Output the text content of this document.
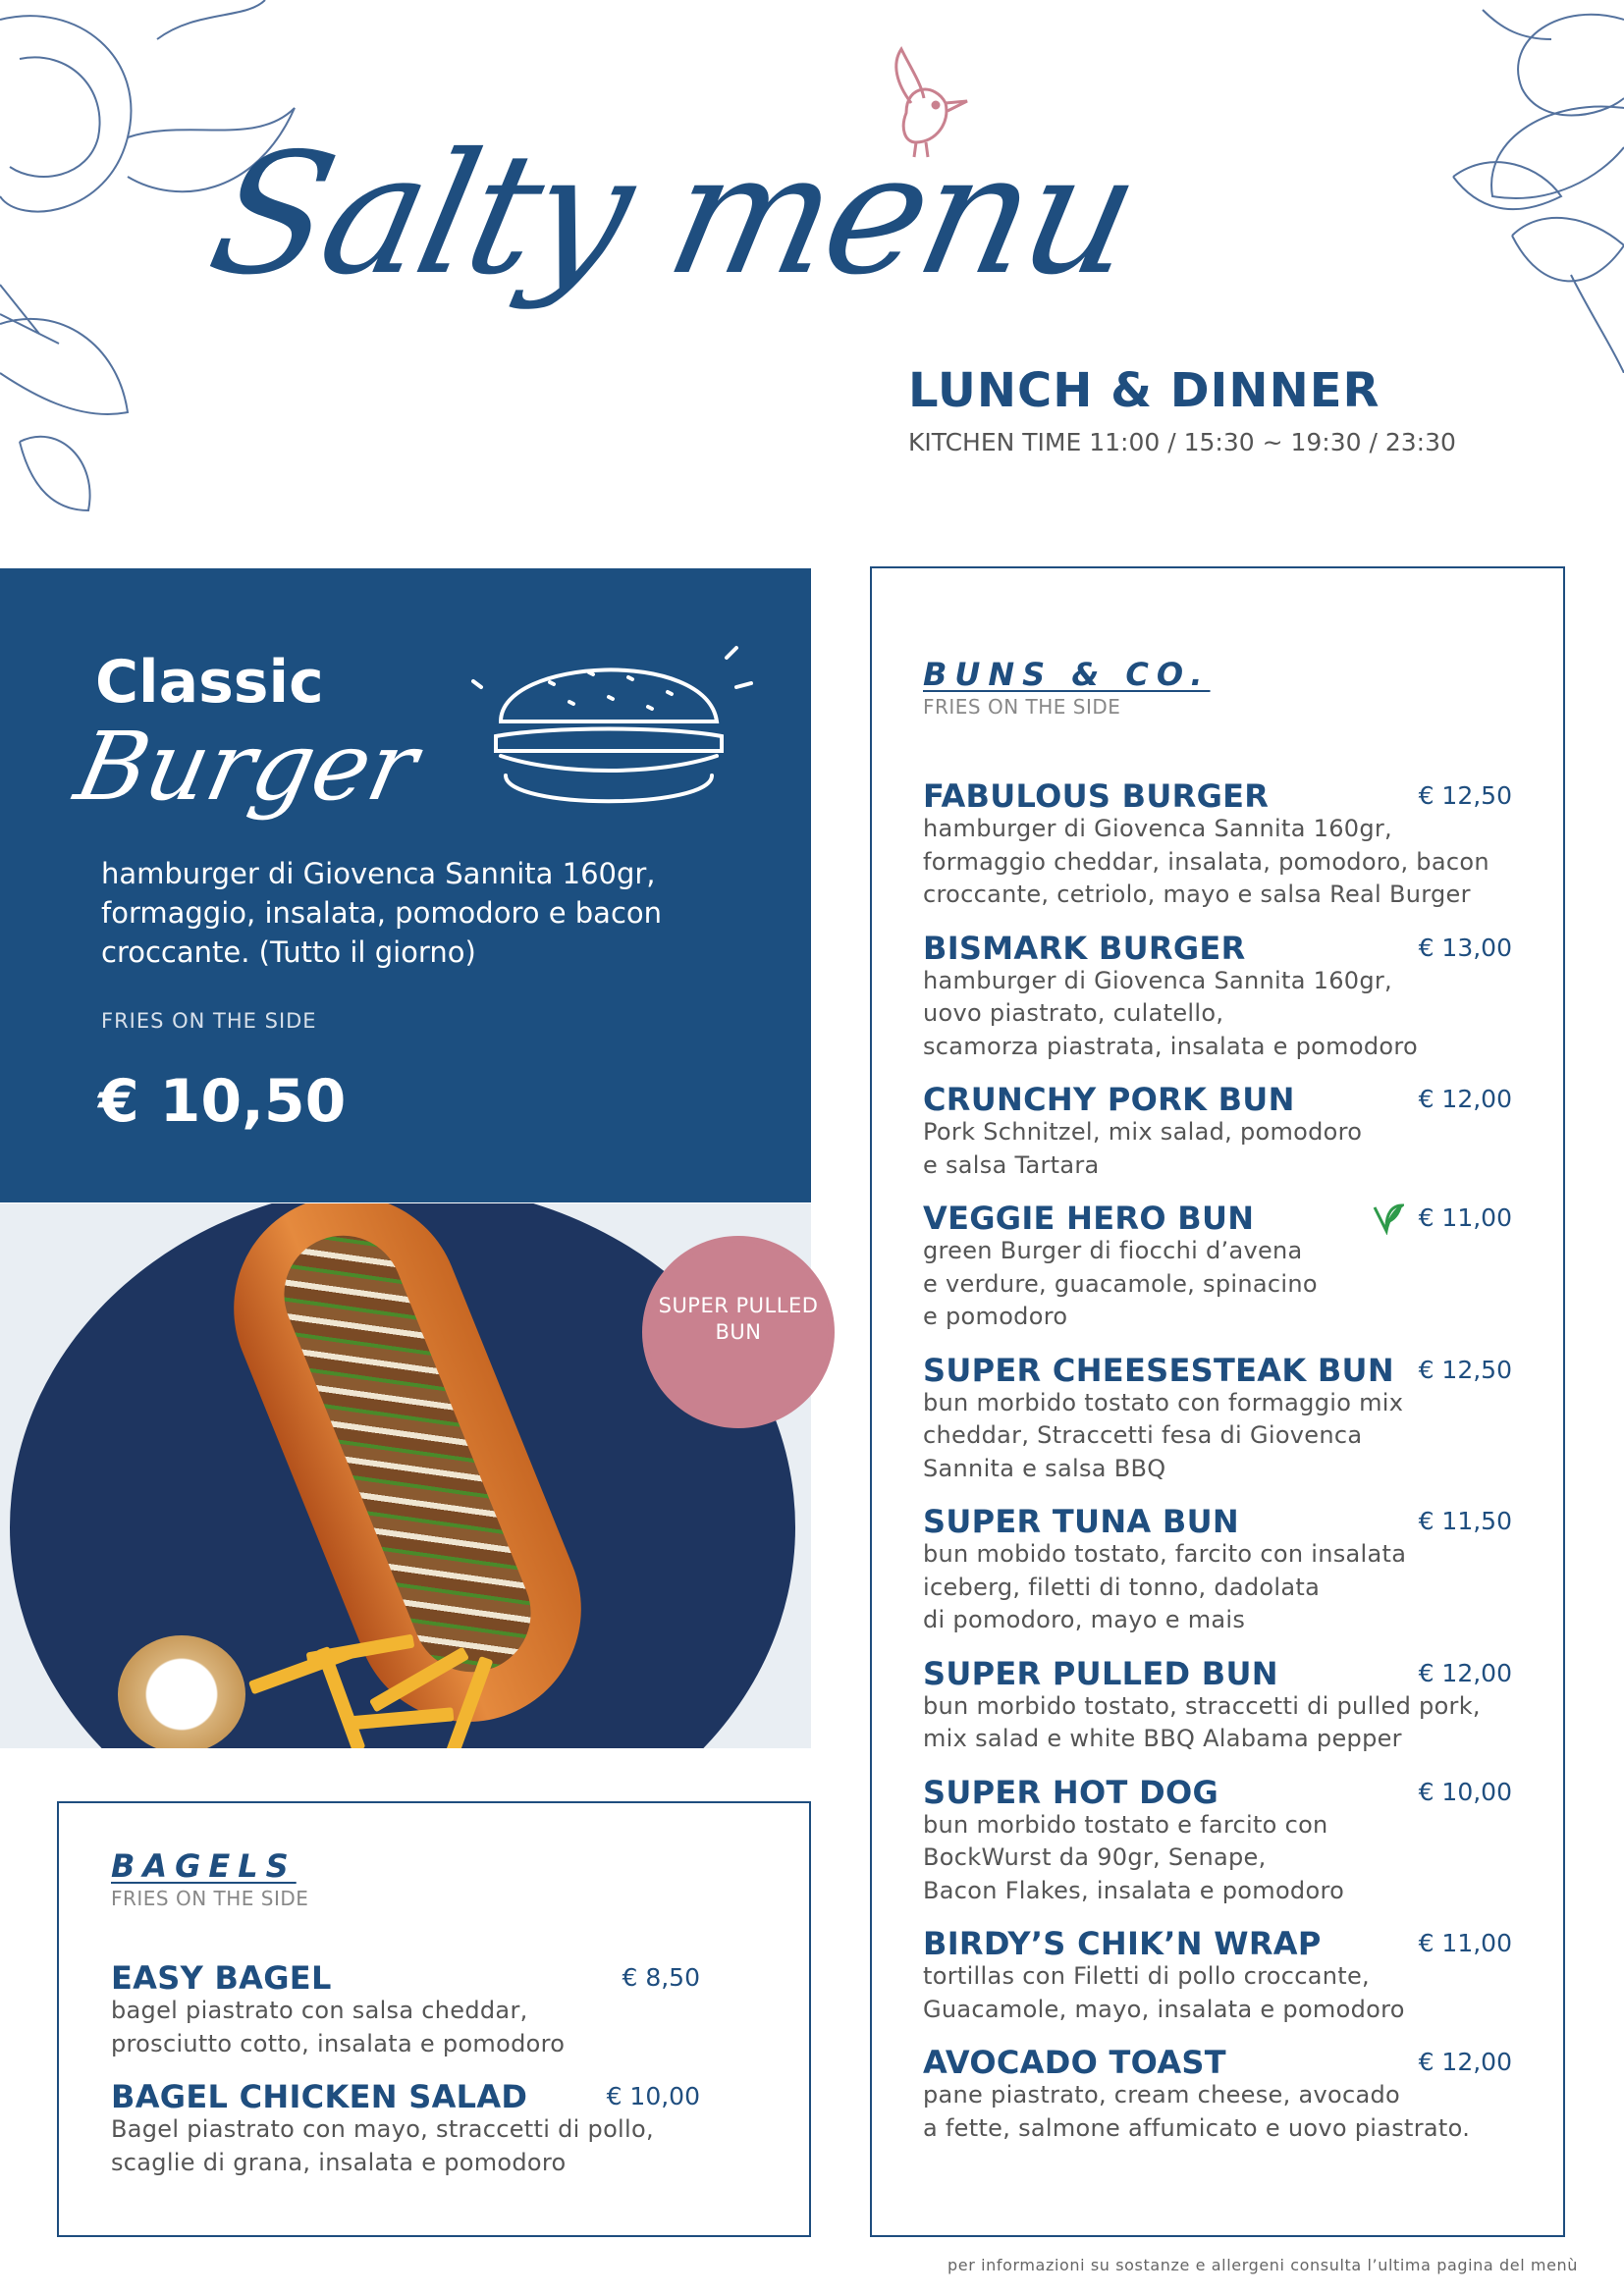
Salty menu
LUNCH & DINNER
KITCHEN TIME 11:00 / 15:30 ~ 19:30 / 23:30
Classic
Burger
hamburger di Giovenca Sannita 160gr, formaggio, insalata, pomodoro e bacon croccante. (Tutto il giorno)
FRIES ON THE SIDE
€ 10,50
SUPER PULLED BUN
BAGELS
FRIES ON THE SIDE
EASY BAGEL	€ 8,50
bagel piastrato con salsa cheddar,
prosciutto cotto, insalata e pomodoro
BAGEL CHICKEN SALAD	€ 10,00
Bagel piastrato con mayo, straccetti di pollo,
scaglie di grana, insalata e pomodoro
BUNS & CO.
FRIES ON THE SIDE
FABULOUS BURGER	€ 12,50
hamburger di Giovenca Sannita 160gr,
formaggio cheddar, insalata, pomodoro, bacon
croccante, cetriolo, mayo e salsa Real Burger
BISMARK BURGER	€ 13,00
hamburger di Giovenca Sannita 160gr,
uovo piastrato, culatello,
scamorza piastrata, insalata e pomodoro
CRUNCHY PORK BUN	€ 12,00
Pork Schnitzel, mix salad, pomodoro
e salsa Tartara
VEGGIE HERO BUN	€ 11,00
green Burger di fiocchi d’avena
e verdure, guacamole, spinacino
e pomodoro
SUPER CHEESESTEAK BUN € 12,50
bun morbido tostato con formaggio mix
cheddar, Straccetti fesa di Giovenca
Sannita e salsa BBQ
SUPER TUNA BUN	€ 11,50
bun mobido tostato, farcito con insalata
iceberg, filetti di tonno, dadolata
di pomodoro, mayo e mais
SUPER PULLED BUN	€ 12,00
bun morbido tostato, straccetti di pulled pork,
mix salad e white BBQ Alabama pepper
SUPER HOT DOG	€ 10,00
bun morbido tostato e farcito con
BockWurst da 90gr, Senape,
Bacon Flakes, insalata e pomodoro
BIRDY’S CHIK’N WRAP	€ 11,00
tortillas con Filetti di pollo croccante,
Guacamole, mayo, insalata e pomodoro
AVOCADO TOAST	€ 12,00
pane piastrato, cream cheese, avocado
a fette, salmone affumicato e uovo piastrato.
per informazioni su sostanze e allergeni consulta l’ultima pagina del menù
